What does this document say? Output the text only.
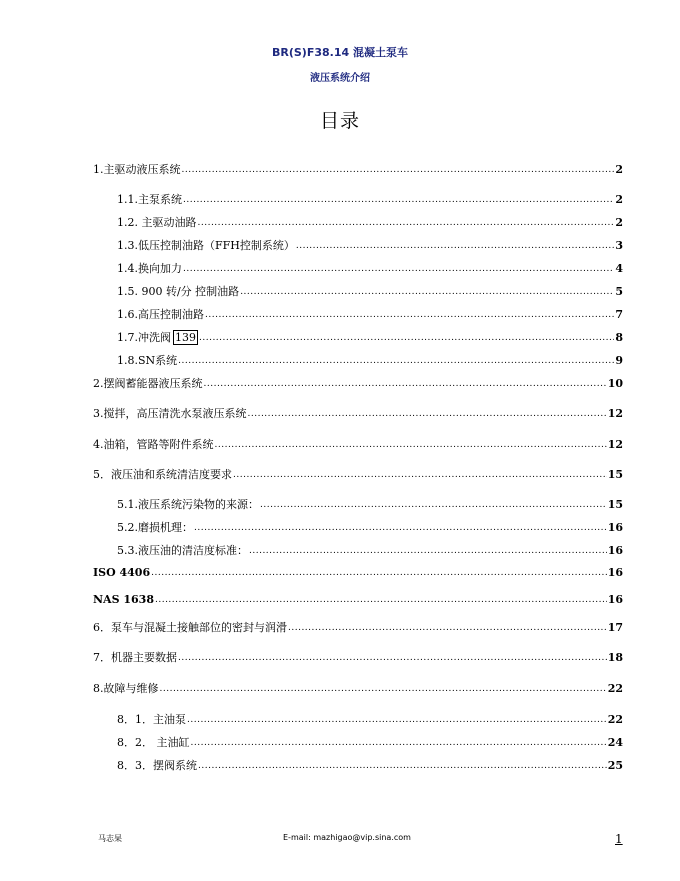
BR(S)F38.14 混凝土泵车
液压系统介绍
目录
1.主驱动液压系统 .....	2
1.1.主泵系统 .....	2
1.2. 主驱动油路 .....	2
1.3.低压控制油路（FFH控制系统） .....	3
1.4.换向加力 .....	4
1.5. 900 转/分 控制油路 .....	5
1.6.高压控制油路 .....	7
1.7.冲洗阀 139 .....	8
1.8.SN系统 .....	9
2.摆阀蓄能器液压系统 .....	10
3.搅拌，高压清洗水泵液压系统 .....	12
4.油箱，管路等附件系统 .....	12
5．液压油和系统清洁度要求 .....	15
5.1.液压系统污染物的来源： .....	15
5.2.磨损机理： .....	16
5.3.液压油的清洁度标准： .....	16
ISO 4406 .....	16
NAS 1638 .....	16
6．泵车与混凝土接触部位的密封与润滑 .....	17
7．机器主要数据 .....	18
8.故障与维修 .....	22
8．1．主油泵 .....	22
8．2． 主油缸 .....	24
8．3．摆阀系统 .....	25
马志杲	E-mail: mazhigao@vip.sina.com	1
